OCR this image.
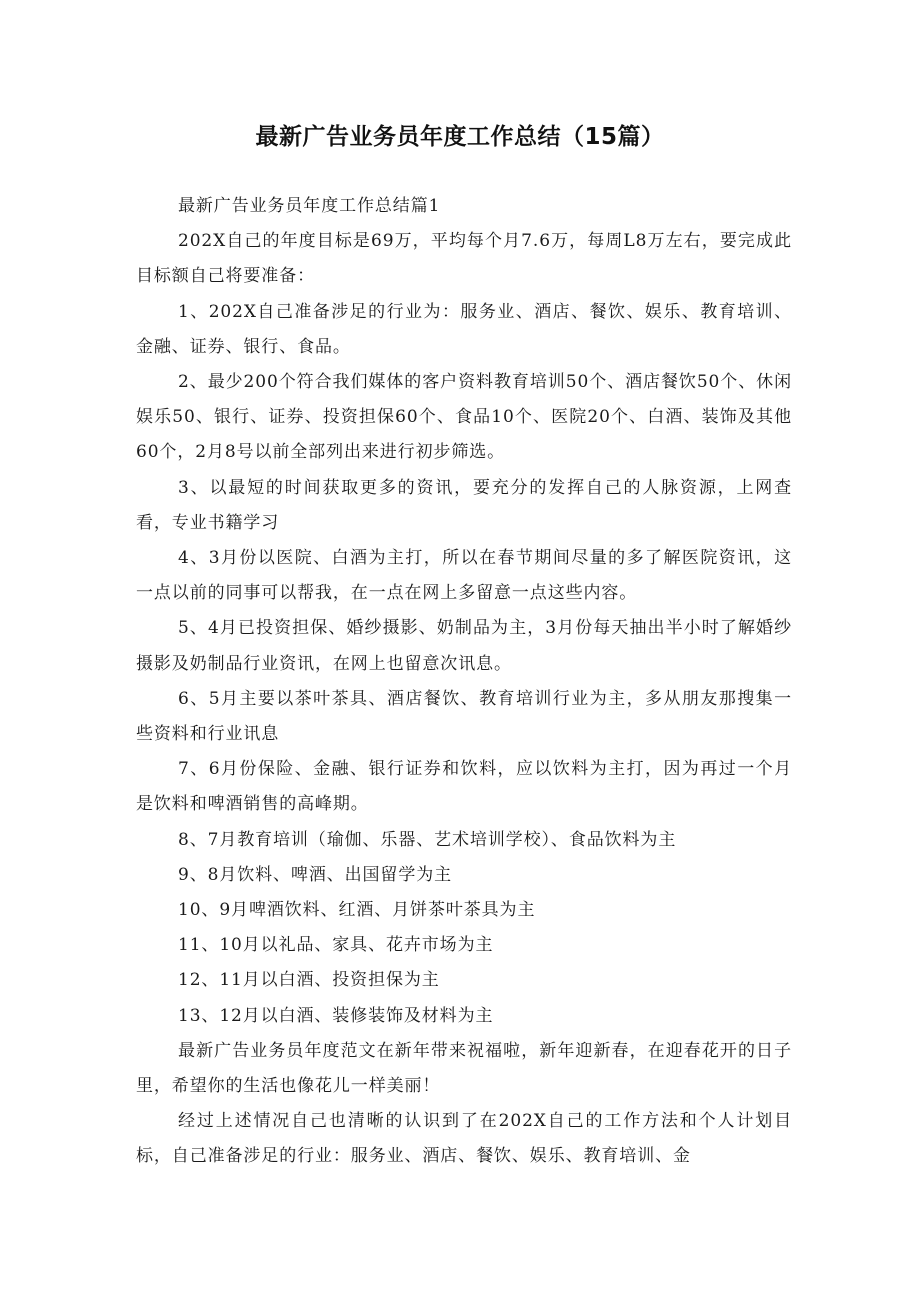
最新广告业务员年度工作总结（15篇）

最新广告业务员年度工作总结篇1

202X自己的年度目标是69万，平均每个月7.6万，每周L8万左右，要完成此目标额自己将要准备：

1、202X自己准备涉足的行业为：服务业、酒店、餐饮、娱乐、教育培训、金融、证券、银行、食品。

2、最少200个符合我们媒体的客户资料教育培训50个、酒店餐饮50个、休闲娱乐50、银行、证券、投资担保60个、食品10个、医院20个、白酒、装饰及其他60个，2月8号以前全部列出来进行初步筛选。

3、以最短的时间获取更多的资讯，要充分的发挥自己的人脉资源，上网查看，专业书籍学习

4、3月份以医院、白酒为主打，所以在春节期间尽量的多了解医院资讯，这一点以前的同事可以帮我，在一点在网上多留意一点这些内容。

5、4月已投资担保、婚纱摄影、奶制品为主，3月份每天抽出半小时了解婚纱摄影及奶制品行业资讯，在网上也留意次讯息。

6、5月主要以茶叶茶具、酒店餐饮、教育培训行业为主，多从朋友那搜集一些资料和行业讯息

7、6月份保险、金融、银行证券和饮料，应以饮料为主打，因为再过一个月是饮料和啤酒销售的高峰期。

8、7月教育培训（瑜伽、乐器、艺术培训学校）、食品饮料为主

9、8月饮料、啤酒、出国留学为主

10、9月啤酒饮料、红酒、月饼茶叶茶具为主

11、10月以礼品、家具、花卉市场为主

12、11月以白酒、投资担保为主

13、12月以白酒、装修装饰及材料为主

最新广告业务员年度范文在新年带来祝福啦，新年迎新春，在迎春花开的日子里，希望你的生活也像花儿一样美丽！

经过上述情况自己也清晰的认识到了在202X自己的工作方法和个人计划目标，自己准备涉足的行业：服务业、酒店、餐饮、娱乐、教育培训、金
